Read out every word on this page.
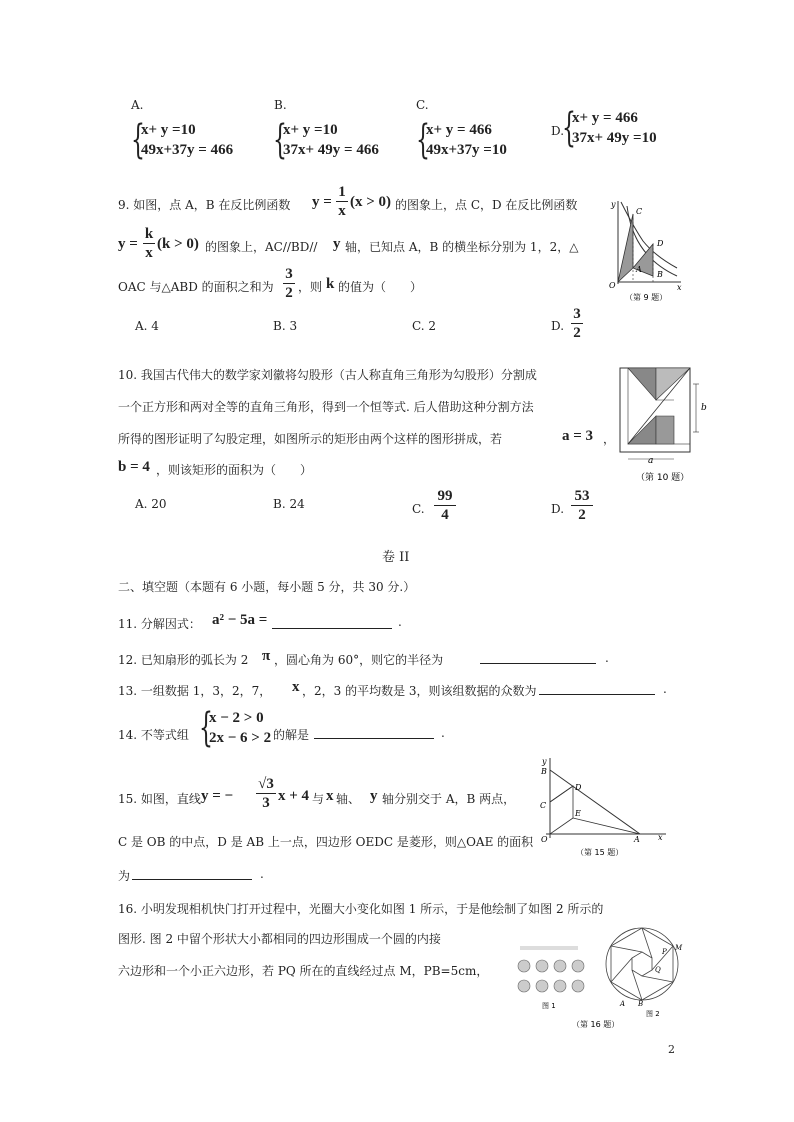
A.
{
x+ y =10
49x+37y = 466
B.
{
x+ y =10
37x+ 49y = 466
C.
{
x+ y = 466
49x+37y =10
D.
{
x+ y = 466
37x+ 49y =10
9. 如图，点 A，B 在反比例函数 y =
1
x
(x > 0) 的图象上，点 C，D 在反比例函数
y =
k
x
(k > 0) 的图象上，AC//BD// y 轴，已知点 A，B 的横坐标分别为 1，2，△
OAC 与△ABD 的面积之和为
3
2 ，则 k 的值为（　　）
A. 4	B. 3	C. 2	D.
3
2
y
C
D
A
B
O	x
（第 9 题）
10. 我国古代伟大的数学家刘徽将勾股形（古人称直角三角形为勾股形）分割成
一个正方形和两对全等的直角三角形，得到一个恒等式. 后人借助这种分割方法
所得的图形证明了勾股定理，如图所示的矩形由两个这样的图形拼成，若	a = 3 ，
b = 4 ，则该矩形的面积为（　　）
A. 20	B. 24	C.
99
4	D.
53
2
b
a
（第 10 题）
卷 II
二、填空题（本题有 6 小题，每小题 5 分，共 30 分.）
11. 分解因式： a² − 5a =	.
12. 已知扇形的弧长为 2 π ，圆心角为 60°，则它的半径为	.
13. 一组数据 1，3，2，7， x ，2，3 的平均数是 3，则该组数据的众数为	.
14. 不等式组 {
x − 2 > 0
2x − 6 > 2 的解是	.
15. 如图，直线 y = −
√3
3 x + 4 与 x 轴、 y 轴分别交于 A，B 两点，
C 是 OB 的中点，D 是 AB 上一点，四边形 OEDC 是菱形，则△OAE 的面积
为	.
y
B
D
C
E
O	A x
（第 15 题）
16. 小明发现相机快门打开过程中，光圈大小变化如图 1 所示，于是他绘制了如图 2 所示的
图形. 图 2 中留个形状大小都相同的四边形围成一个圆的内接
六边形和一个小正六边形，若 PQ 所在的直线经过点 M，PB=5cm，
图 1
M
P
Q
A B
图 2
（第 16 题）
2
